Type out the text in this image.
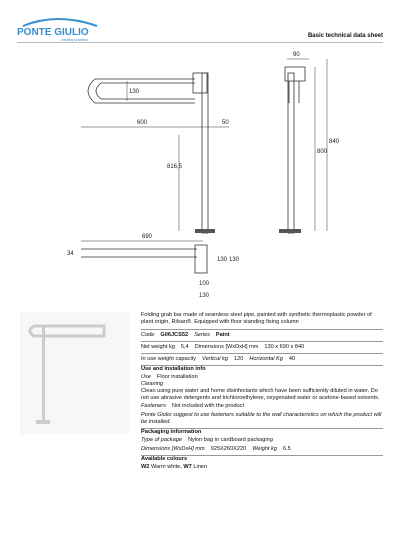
PONTE GIULIO
creating solutions
Basic technical data sheet
600	50
130
816,5
90
800
840
690
34
130 130
100
130

Folding grab bar made of seamless steel pipe, painted with synthetic thermoplastic powder of plant origin, Rilsan®. Equipped with floor standing fixing column

Code G06JCS52 Series Paint
Net weight kg 5,4 Dimensions [WxDxH] mm 130 x 690 x 840
In use weight capacity Vertical kg 120 Horizontal Kg 40

Use and installation info

Use Floor installation

Cleaning

Clean using pure water and home disinfectants which have been sufficiently diluted in water. Do not use abrasive detergents and trichloroethylene, oxygenated water or acetone-based solvents.

Fasteners Not included with the product

Ponte Giulio suggest to use fasteners suitable to the wall characteristics on which the product will be installed.

Packaging information

Type of package Nylon bag in cardboard packaging
Dimensions [WxDxH] mm 925X260X220 Weight kg 6,5

Available colours

W2 Warm white, W7 Linen
